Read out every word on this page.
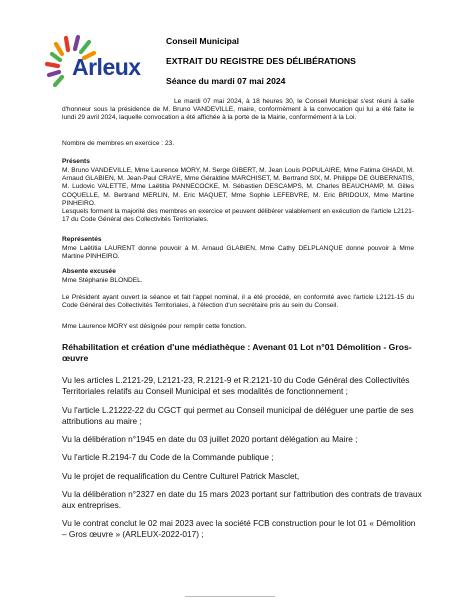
Arleux
Conseil Municipal
EXTRAIT DU REGISTRE DES DÉLIBÉRATIONS
Séance du mardi 07 mai 2024
Le mardi 07 mai 2024, à 18 heures 30, le Conseil Municipal s'est réuni à salle d'honneur sous la présidence de M. Bruno VANDEVILLE, maire, conformément à la convocation qui lui a été faite le lundi 29 avril 2024, laquelle convocation a été affichée à la porte de la Mairie, conformément à la Loi.
Nombre de membres en exercice : 23.
Présents
M. Bruno VANDEVILLE, Mme Laurence MORY, M. Serge GIBERT, M. Jean Louis POPULAIRE, Mme Fatima GHADI, M. Arnaud GLABIEN, M. Jean-Paul CRAYE, Mme Géraldine MARCHISET, M. Bertrand SIX, M. Philippe DE GUBERNATIS, M. Ludovic VALETTE, Mme Laëtitia PANNECOCKE, M. Sébastien DESCAMPS, M. Charles BEAUCHAMP, M. Gilles COQUELLE, M. Bertrand MERLIN, M. Eric MAQUET, Mme Sophie LEFEBVRE, M. Eric BRIDOUX, Mme Martine PINHEIRO.
Lesquels forment la majorité des membres en exercice et peuvent délibérer valablement en exécution de l'article L2121-17 du Code Général des Collectivités Territoriales.
Représentés
Mme Laëtitia LAURENT donne pouvoir à M. Arnaud GLABIEN, Mme Cathy DELPLANQUE donne pouvoir à Mme Martine PINHEIRO.
Absente excusée
Mme Stéphanie BLONDEL.
Le Président ayant ouvert la séance et fait l'appel nominal, il a été procédé, en conformité avec l'article L2121-15 du Code Général des Collectivités Territoriales, à l'élection d'un secrétaire pris au sein du Conseil.
Mme Laurence MORY est désignée pour remplir cette fonction.
Réhabilitation et création d'une médiathèque : Avenant 01 Lot n°01 Démolition - Gros-œuvre
Vu les articles L.2121-29, L2121-23, R.2121-9 et R.2121-10 du Code Général des Collectivités Territoriales relatifs au Conseil Municipal et ses modalités de fonctionnement ;
Vu l'article L.21222-22 du CGCT qui permet au Conseil municipal de déléguer une partie de ses attributions au maire ;
Vu la délibération n°1945 en date du 03 juillet 2020 portant délégation au Maire ;
Vu l'article R.2194-7 du Code de la Commande publique ;
Vu le projet de requalification du Centre Culturel Patrick Masclet,
Vu la délibération n°2327 en date du 15 mars 2023 portant sur l'attribution des contrats de travaux aux entreprises.
Vu le contrat conclut le 02 mai 2023 avec la société FCB construction pour le lot 01 « Démolition – Gros œuvre » (ARLEUX-2022-017) ;
